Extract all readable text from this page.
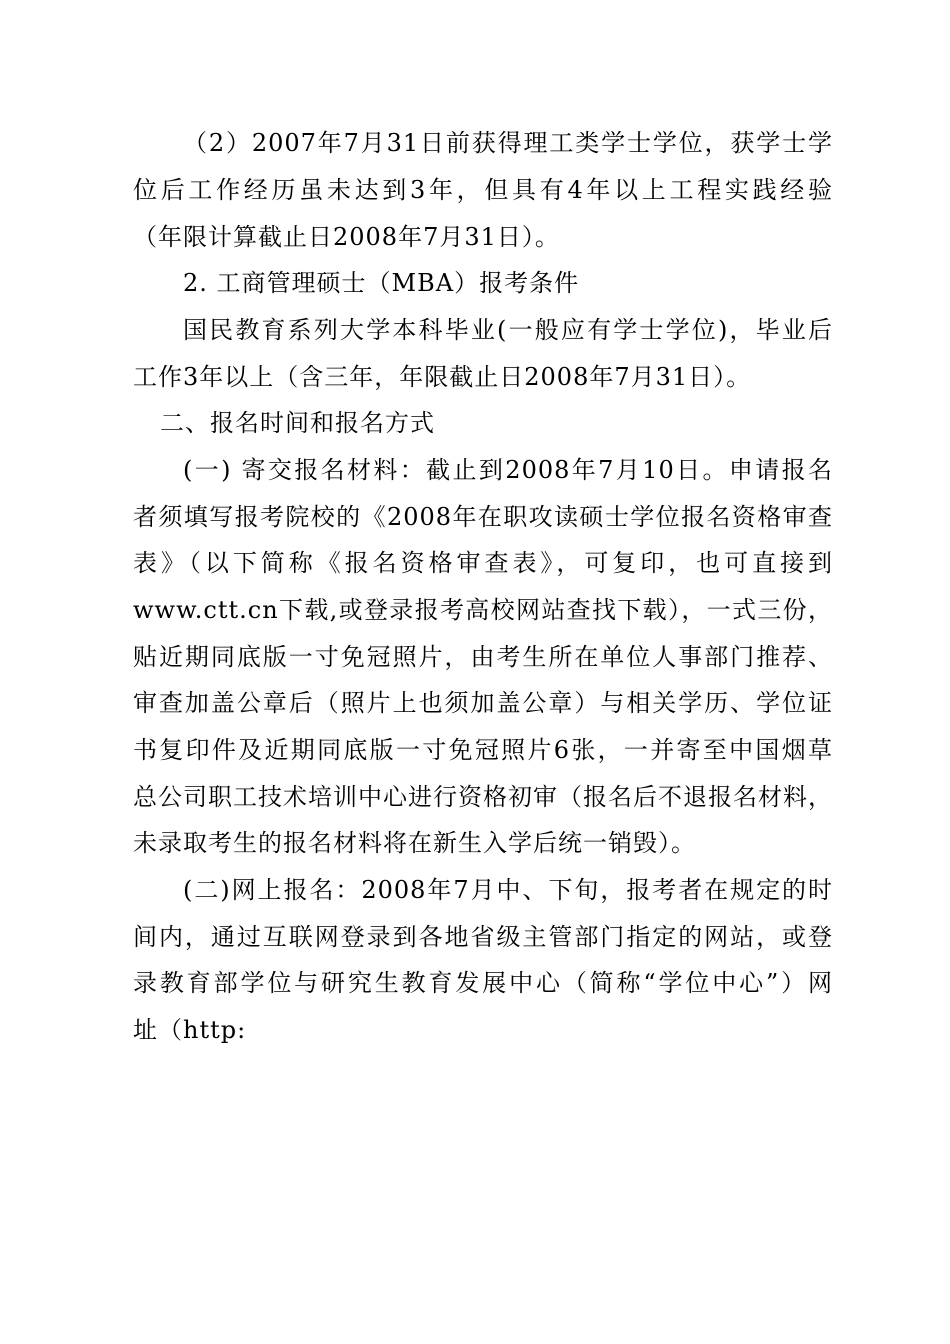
（2）2007年7月31日前获得理工类学士学位，获学士学
位后工作经历虽未达到3年，但具有4年以上工程实践经验
（年限计算截止日2008年7月31日）。
2. 工商管理硕士（MBA）报考条件
国民教育系列大学本科毕业(一般应有学士学位)，毕业后
工作3年以上（含三年，年限截止日2008年7月31日）。
二、报名时间和报名方式
(一) 寄交报名材料：截止到2008年7月10日。申请报名
者须填写报考院校的《2008年在职攻读硕士学位报名资格审查
表》（以下简称《报名资格审查表》，可复印，也可直接到
www.ctt.cn下载,或登录报考高校网站查找下载），一式三份，
贴近期同底版一寸免冠照片，由考生所在单位人事部门推荐、
审查加盖公章后（照片上也须加盖公章）与相关学历、学位证
书复印件及近期同底版一寸免冠照片6张，一并寄至中国烟草
总公司职工技术培训中心进行资格初审（报名后不退报名材料，
未录取考生的报名材料将在新生入学后统一销毁）。
(二)网上报名：2008年7月中、下旬，报考者在规定的时
间内，通过互联网登录到各地省级主管部门指定的网站，或登
录教育部学位与研究生教育发展中心（简称“学位中心”）网
址（http:
